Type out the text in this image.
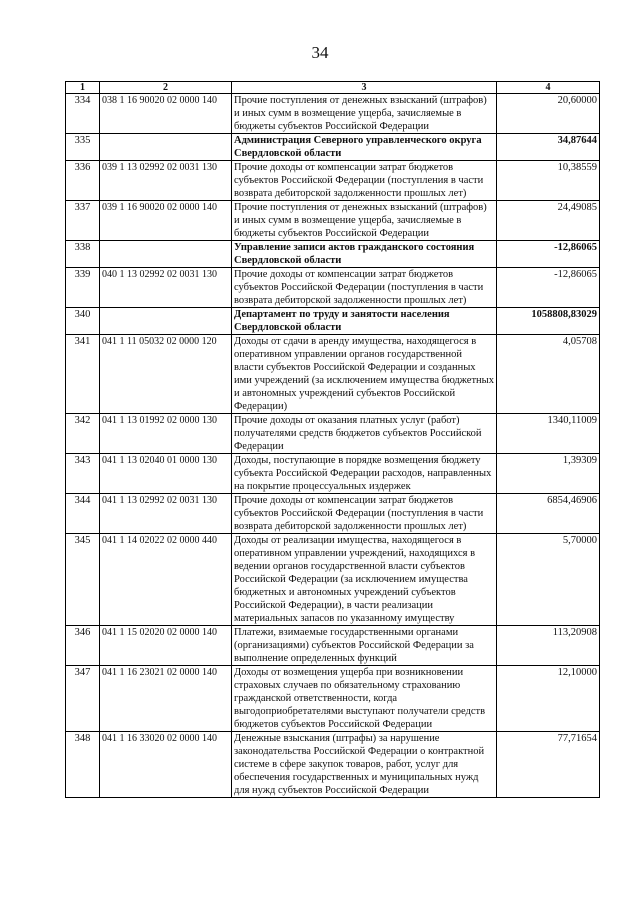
34
1	2	3	4
334	038 1 16 90020 02 0000 140	Прочие поступления от денежных взысканий (штрафов) и иных сумм в возмещение ущерба, зачисляемые в бюджеты субъектов Российской Федерации	20,60000
335		Администрация Северного управленческого округа Свердловской области	34,87644
336	039 1 13 02992 02 0031 130	Прочие доходы от компенсации затрат бюджетов субъектов Российской Федерации (поступления в части возврата дебиторской задолженности прошлых лет)	10,38559
337	039 1 16 90020 02 0000 140	Прочие поступления от денежных взысканий (штрафов) и иных сумм в возмещение ущерба, зачисляемые в бюджеты субъектов Российской Федерации	24,49085
338		Управление записи актов гражданского состояния Свердловской области	-12,86065
339	040 1 13 02992 02 0031 130	Прочие доходы от компенсации затрат бюджетов субъектов Российской Федерации (поступления в части возврата дебиторской задолженности прошлых лет)	-12,86065
340		Департамент по труду и занятости населения Свердловской области	1058808,83029
341	041 1 11 05032 02 0000 120	Доходы от сдачи в аренду имущества, находящегося в оперативном управлении органов государственной власти субъектов Российской Федерации и созданных ими учреждений (за исключением имущества бюджетных и автономных учреждений субъектов Российской Федерации)	4,05708
342	041 1 13 01992 02 0000 130	Прочие доходы от оказания платных услуг (работ) получателями средств бюджетов субъектов Российской Федерации	1340,11009
343	041 1 13 02040 01 0000 130	Доходы, поступающие в порядке возмещения бюджету субъекта Российской Федерации расходов, направленных на покрытие процессуальных издержек	1,39309
344	041 1 13 02992 02 0031 130	Прочие доходы от компенсации затрат бюджетов субъектов Российской Федерации (поступления в части возврата дебиторской задолженности прошлых лет)	6854,46906
345	041 1 14 02022 02 0000 440	Доходы от реализации имущества, находящегося в оперативном управлении учреждений, находящихся в ведении органов государственной власти субъектов Российской Федерации (за исключением имущества бюджетных и автономных учреждений субъектов Российской Федерации), в части реализации материальных запасов по указанному имуществу	5,70000
346	041 1 15 02020 02 0000 140	Платежи, взимаемые государственными органами (организациями) субъектов Российской Федерации за выполнение определенных функций	113,20908
347	041 1 16 23021 02 0000 140	Доходы от возмещения ущерба при возникновении страховых случаев по обязательному страхованию гражданской ответственности, когда выгодоприобретателями выступают получатели средств бюджетов субъектов Российской Федерации	12,10000
348	041 1 16 33020 02 0000 140	Денежные взыскания (штрафы) за нарушение законодательства Российской Федерации о контрактной системе в сфере закупок товаров, работ, услуг для обеспечения государственных и муниципальных нужд для нужд субъектов Российской Федерации	77,71654
